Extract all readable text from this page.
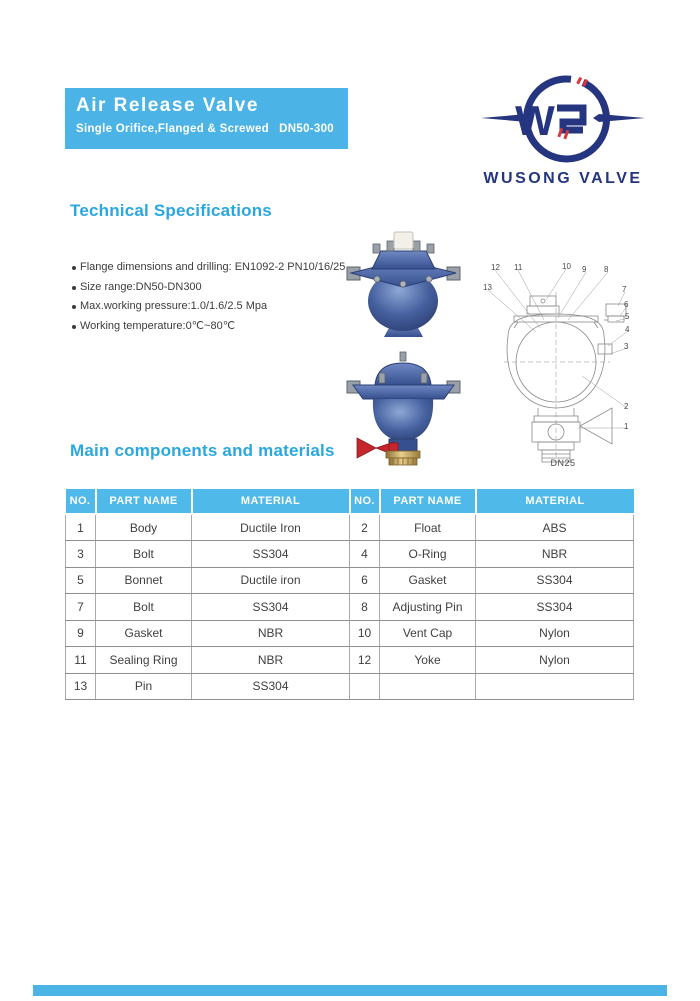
Air Release Valve
Single Orifice,Flanged & Screwed DN50-300	W
WUSONG VALVE
Technical Specifications
Flange dimensions and drilling: EN1092-2 PN10/16/25
Size range:DN50-DN300
Max.working pressure:1.0/1.6/2.5 Mpa
Working temperature:0℃~80℃
12 11	10 9 8
13	7
6
5
4
3
2
1
DN25
Main components and materials
NO.	PART NAME	MATERIAL	NO.	PART NAME	MATERIAL
1	Body	Ductile Iron	2	Float	ABS
3	Bolt	SS304	4	O-Ring	NBR
5	Bonnet	Ductile iron	6	Gasket	SS304
7	Bolt	SS304	8	Adjusting Pin	SS304
9	Gasket	NBR	10	Vent Cap	Nylon
11	Sealing Ring	NBR	12	Yoke	Nylon
13	Pin	SS304			
